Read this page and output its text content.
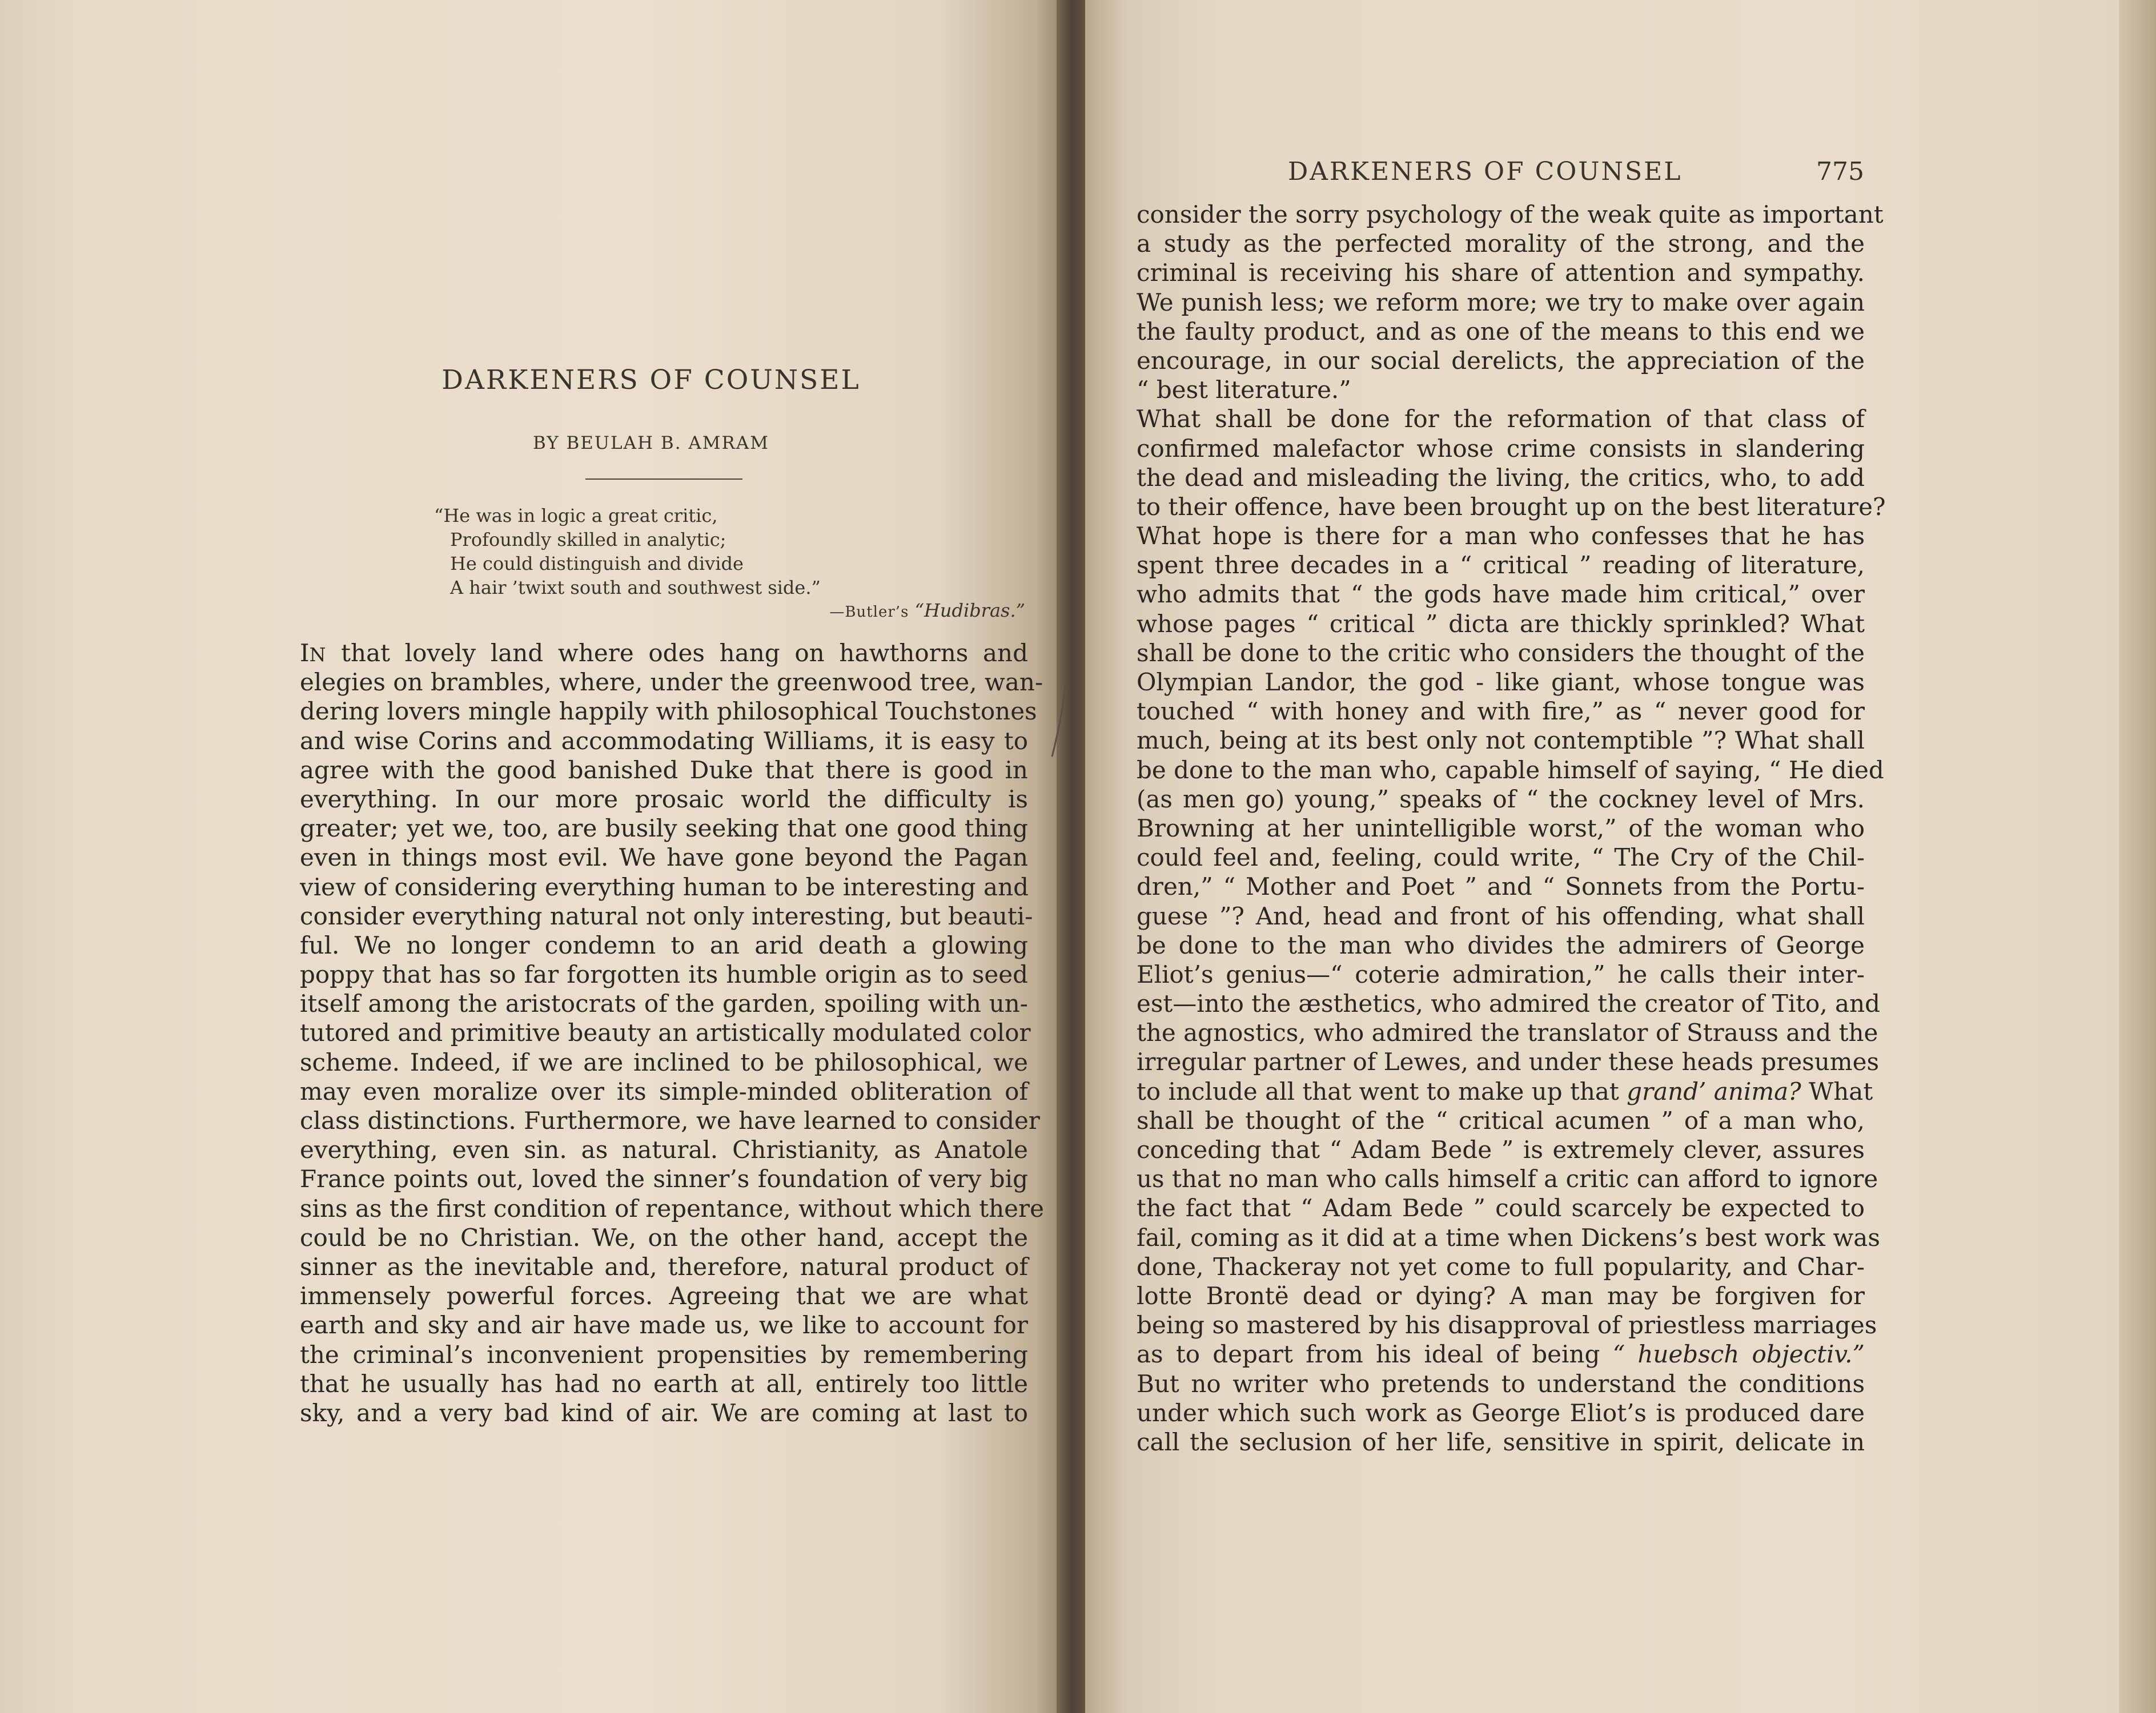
DARKENERS OF COUNSEL
BY BEULAH B. AMRAM
“He was in logic a great critic,
Profoundly skilled in analytic;
He could distinguish and divide
A hair ’twixt south and southwest side.”
—Butler’s “Hudibras.”
IN that lovely land where odes hang on hawthorns and
elegies on brambles, where, under the greenwood tree, wan-
dering lovers mingle happily with philosophical Touchstones
and wise Corins and accommodating Williams, it is easy to
agree with the good banished Duke that there is good in
everything. In our more prosaic world the difficulty is
greater; yet we, too, are busily seeking that one good thing
even in things most evil. We have gone beyond the Pagan
view of considering everything human to be interesting and
consider everything natural not only interesting, but beauti-
ful. We no longer condemn to an arid death a glowing
poppy that has so far forgotten its humble origin as to seed
itself among the aristocrats of the garden, spoiling with un-
tutored and primitive beauty an artistically modulated color
scheme. Indeed, if we are inclined to be philosophical, we
may even moralize over its simple-minded obliteration of
class distinctions. Furthermore, we have learned to consider
everything, even sin. as natural. Christianity, as Anatole
France points out, loved the sinner’s foundation of very big
sins as the first condition of repentance, without which there
could be no Christian. We, on the other hand, accept the
sinner as the inevitable and, therefore, natural product of
immensely powerful forces. Agreeing that we are what
earth and sky and air have made us, we like to account for
the criminal’s inconvenient propensities by remembering
that he usually has had no earth at all, entirely too little
sky, and a very bad kind of air. We are coming at last to
DARKENERS OF COUNSEL	775
consider the sorry psychology of the weak quite as important
a study as the perfected morality of the strong, and the
criminal is receiving his share of attention and sympathy.
We punish less; we reform more; we try to make over again
the faulty product, and as one of the means to this end we
encourage, in our social derelicts, the appreciation of the
“ best literature.”
What shall be done for the reformation of that class of
confirmed malefactor whose crime consists in slandering
the dead and misleading the living, the critics, who, to add
to their offence, have been brought up on the best literature?
What hope is there for a man who confesses that he has
spent three decades in a “ critical ” reading of literature,
who admits that “ the gods have made him critical,” over
whose pages “ critical ” dicta are thickly sprinkled? What
shall be done to the critic who considers the thought of the
Olympian Landor, the god - like giant, whose tongue was
touched “ with honey and with fire,” as “ never good for
much, being at its best only not contemptible ”? What shall
be done to the man who, capable himself of saying, “ He died
(as men go) young,” speaks of “ the cockney level of Mrs.
Browning at her unintelligible worst,” of the woman who
could feel and, feeling, could write, “ The Cry of the Chil-
dren,” “ Mother and Poet ” and “ Sonnets from the Portu-
guese ”? And, head and front of his offending, what shall
be done to the man who divides the admirers of George
Eliot’s genius—“ coterie admiration,” he calls their inter-
est—into the æsthetics, who admired the creator of Tito, and
the agnostics, who admired the translator of Strauss and the
irregular partner of Lewes, and under these heads presumes
to include all that went to make up that grand’ anima? What
shall be thought of the “ critical acumen ” of a man who,
conceding that “ Adam Bede ” is extremely clever, assures
us that no man who calls himself a critic can afford to ignore
the fact that “ Adam Bede ” could scarcely be expected to
fail, coming as it did at a time when Dickens’s best work was
done, Thackeray not yet come to full popularity, and Char-
lotte Brontë dead or dying? A man may be forgiven for
being so mastered by his disapproval of priestless marriages
as to depart from his ideal of being “ huebsch objectiv.”
But no writer who pretends to understand the conditions
under which such work as George Eliot’s is produced dare
call the seclusion of her life, sensitive in spirit, delicate in
